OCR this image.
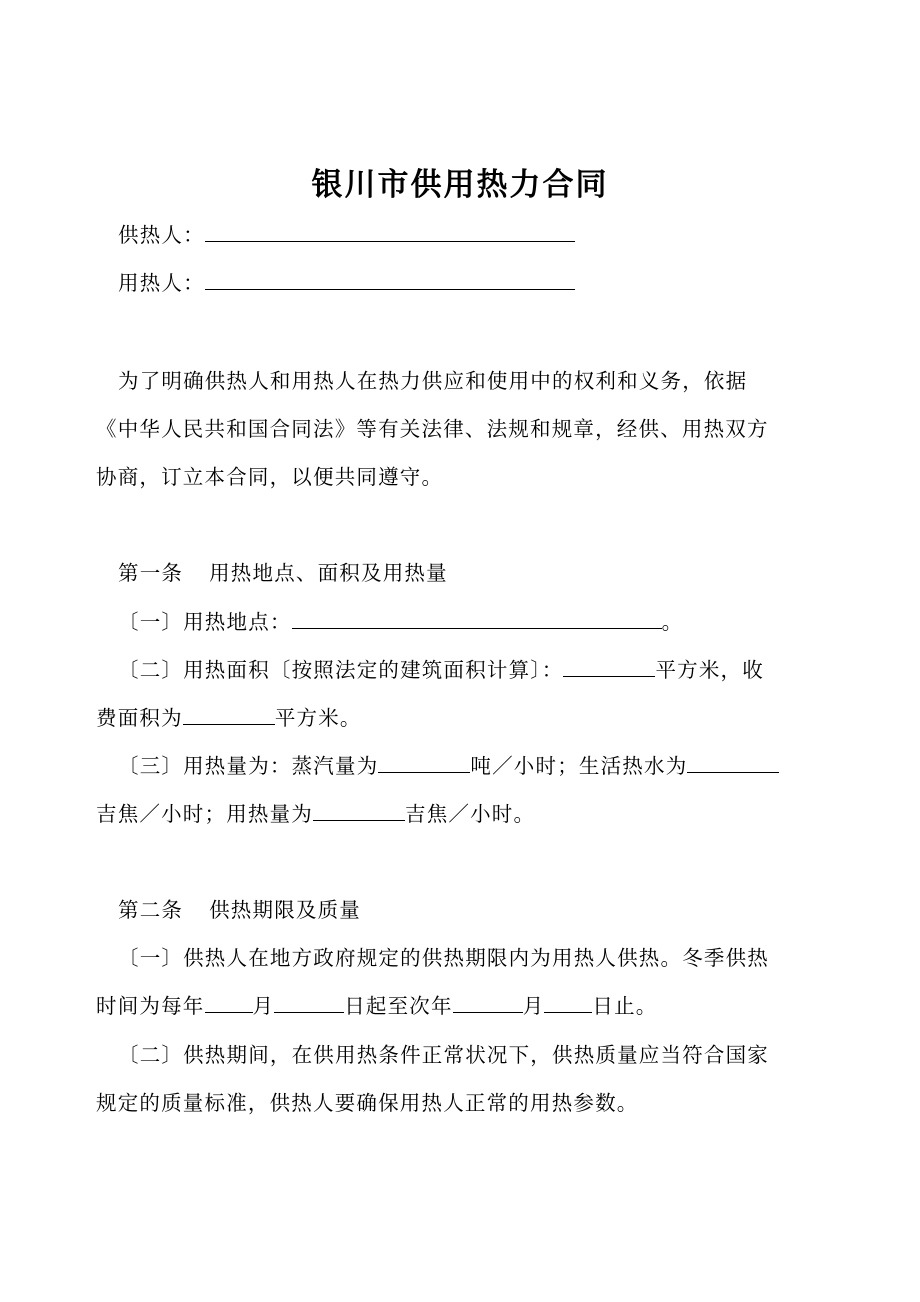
银川市供用热力合同
供热人：
用热人：
为了明确供热人和用热人在热力供应和使用中的权利和义务，依据
《中华人民共和国合同法》等有关法律、法规和规章，经供、用热双方
协商，订立本合同，以便共同遵守。
第一条 用热地点、面积及用热量
〔一〕用热地点：	。
〔二〕用热面积〔按照法定的建筑面积计算〕：	平方米，收
费面积为	平方米。
〔三〕用热量为：蒸汽量为	吨／小时；生活热水为
吉焦／小时；用热量为	吉焦／小时。
第二条 供热期限及质量
〔一〕供热人在地方政府规定的供热期限内为用热人供热。冬季供热
时间为每年 月	日起至次年	月 日止。
〔二〕供热期间，在供用热条件正常状况下，供热质量应当符合国家
规定的质量标准，供热人要确保用热人正常的用热参数。
